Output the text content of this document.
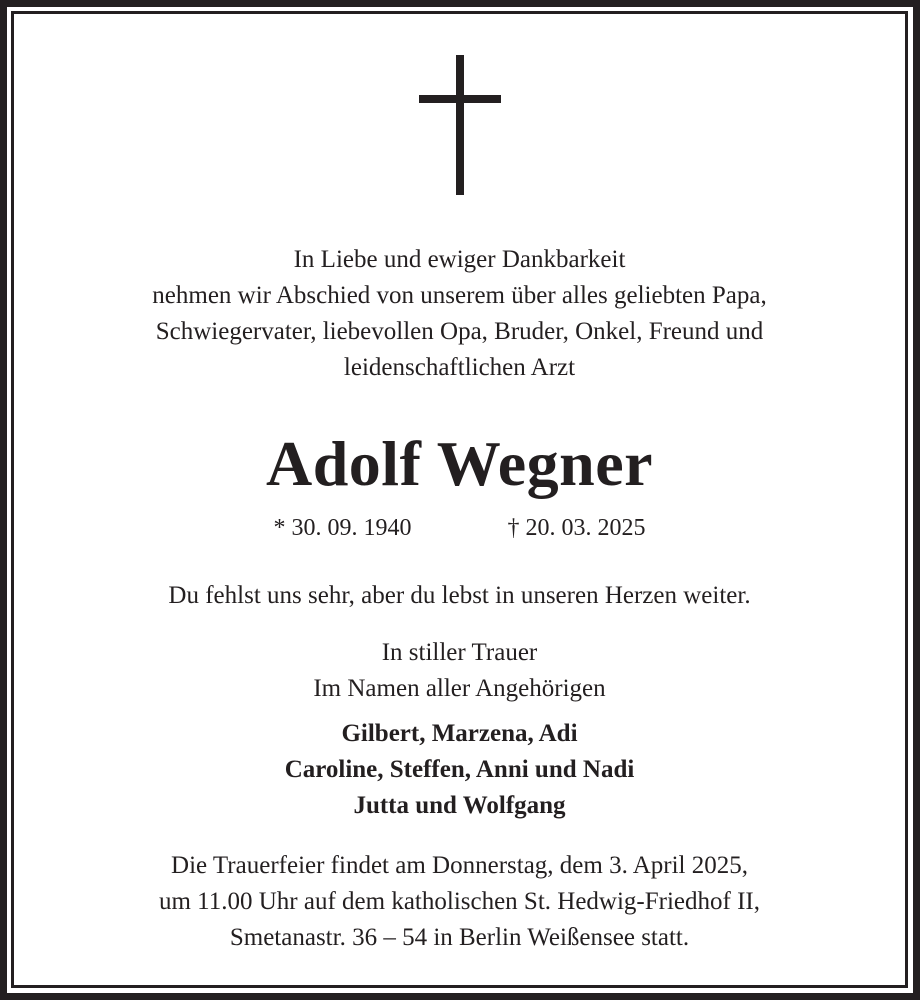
In Liebe und ewiger Dankbarkeit
nehmen wir Abschied von unserem über alles geliebten Papa,
Schwiegervater, liebevollen Opa, Bruder, Onkel, Freund und
leidenschaftlichen Arzt
Adolf Wegner
* 30. 09. 1940	† 20. 03. 2025
Du fehlst uns sehr, aber du lebst in unseren Herzen weiter.
In stiller Trauer
Im Namen aller Angehörigen
Gilbert, Marzena, Adi
Caroline, Steffen, Anni und Nadi
Jutta und Wolfgang
Die Trauerfeier findet am Donnerstag, dem 3. April 2025,
um 11.00 Uhr auf dem katholischen St. Hedwig-Friedhof II,
Smetanastr. 36 – 54 in Berlin Weißensee statt.
